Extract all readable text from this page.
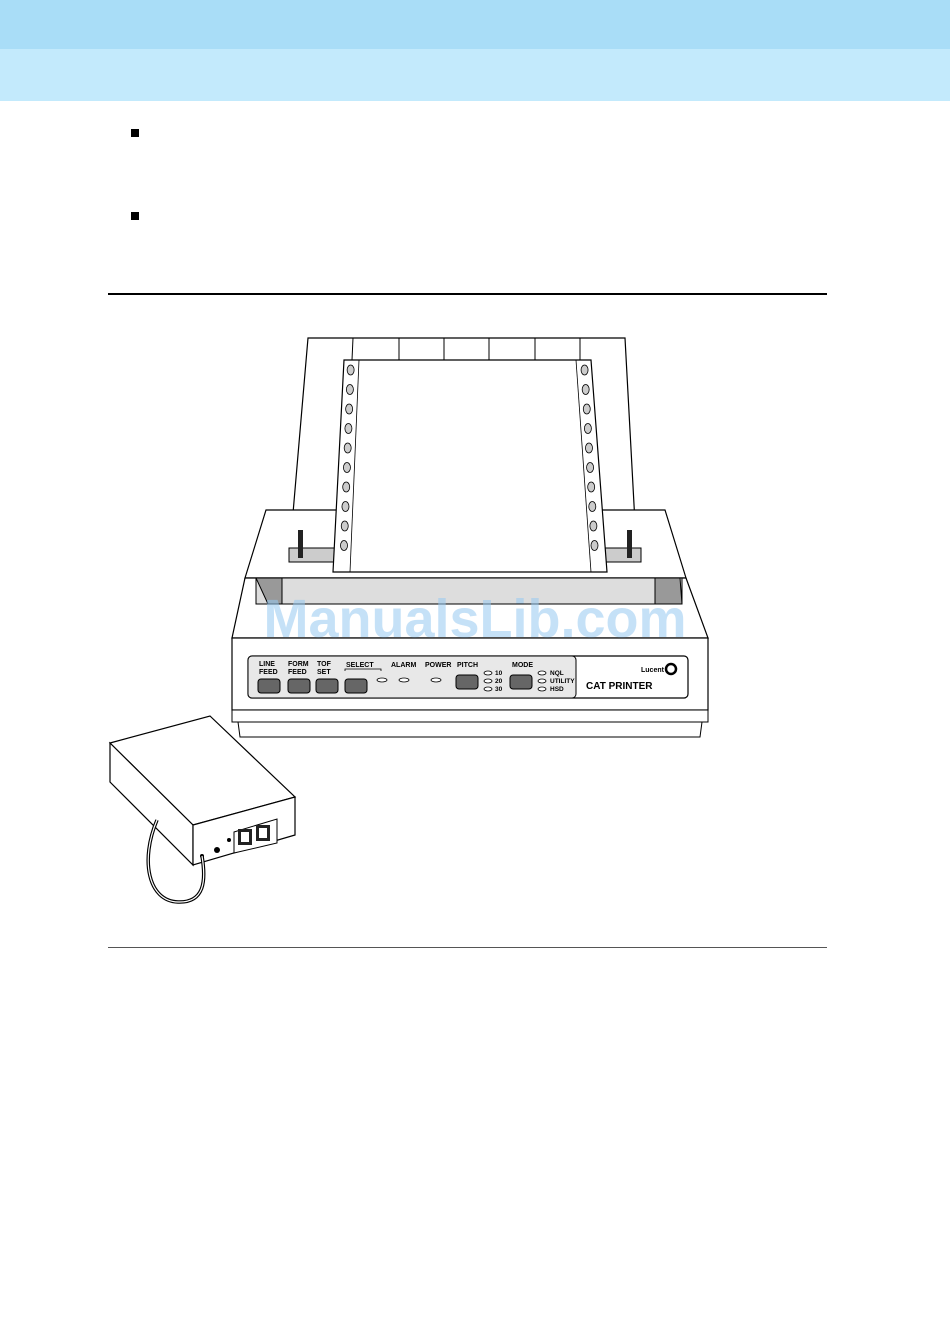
LINE
FEED
FORM
FEED
TOF
SET
SELECT ALARM POWER PITCH	MODE
10
20
30
NQL
UTILITY
HSD
Lucent
CAT PRINTER
ManualsLib.com
